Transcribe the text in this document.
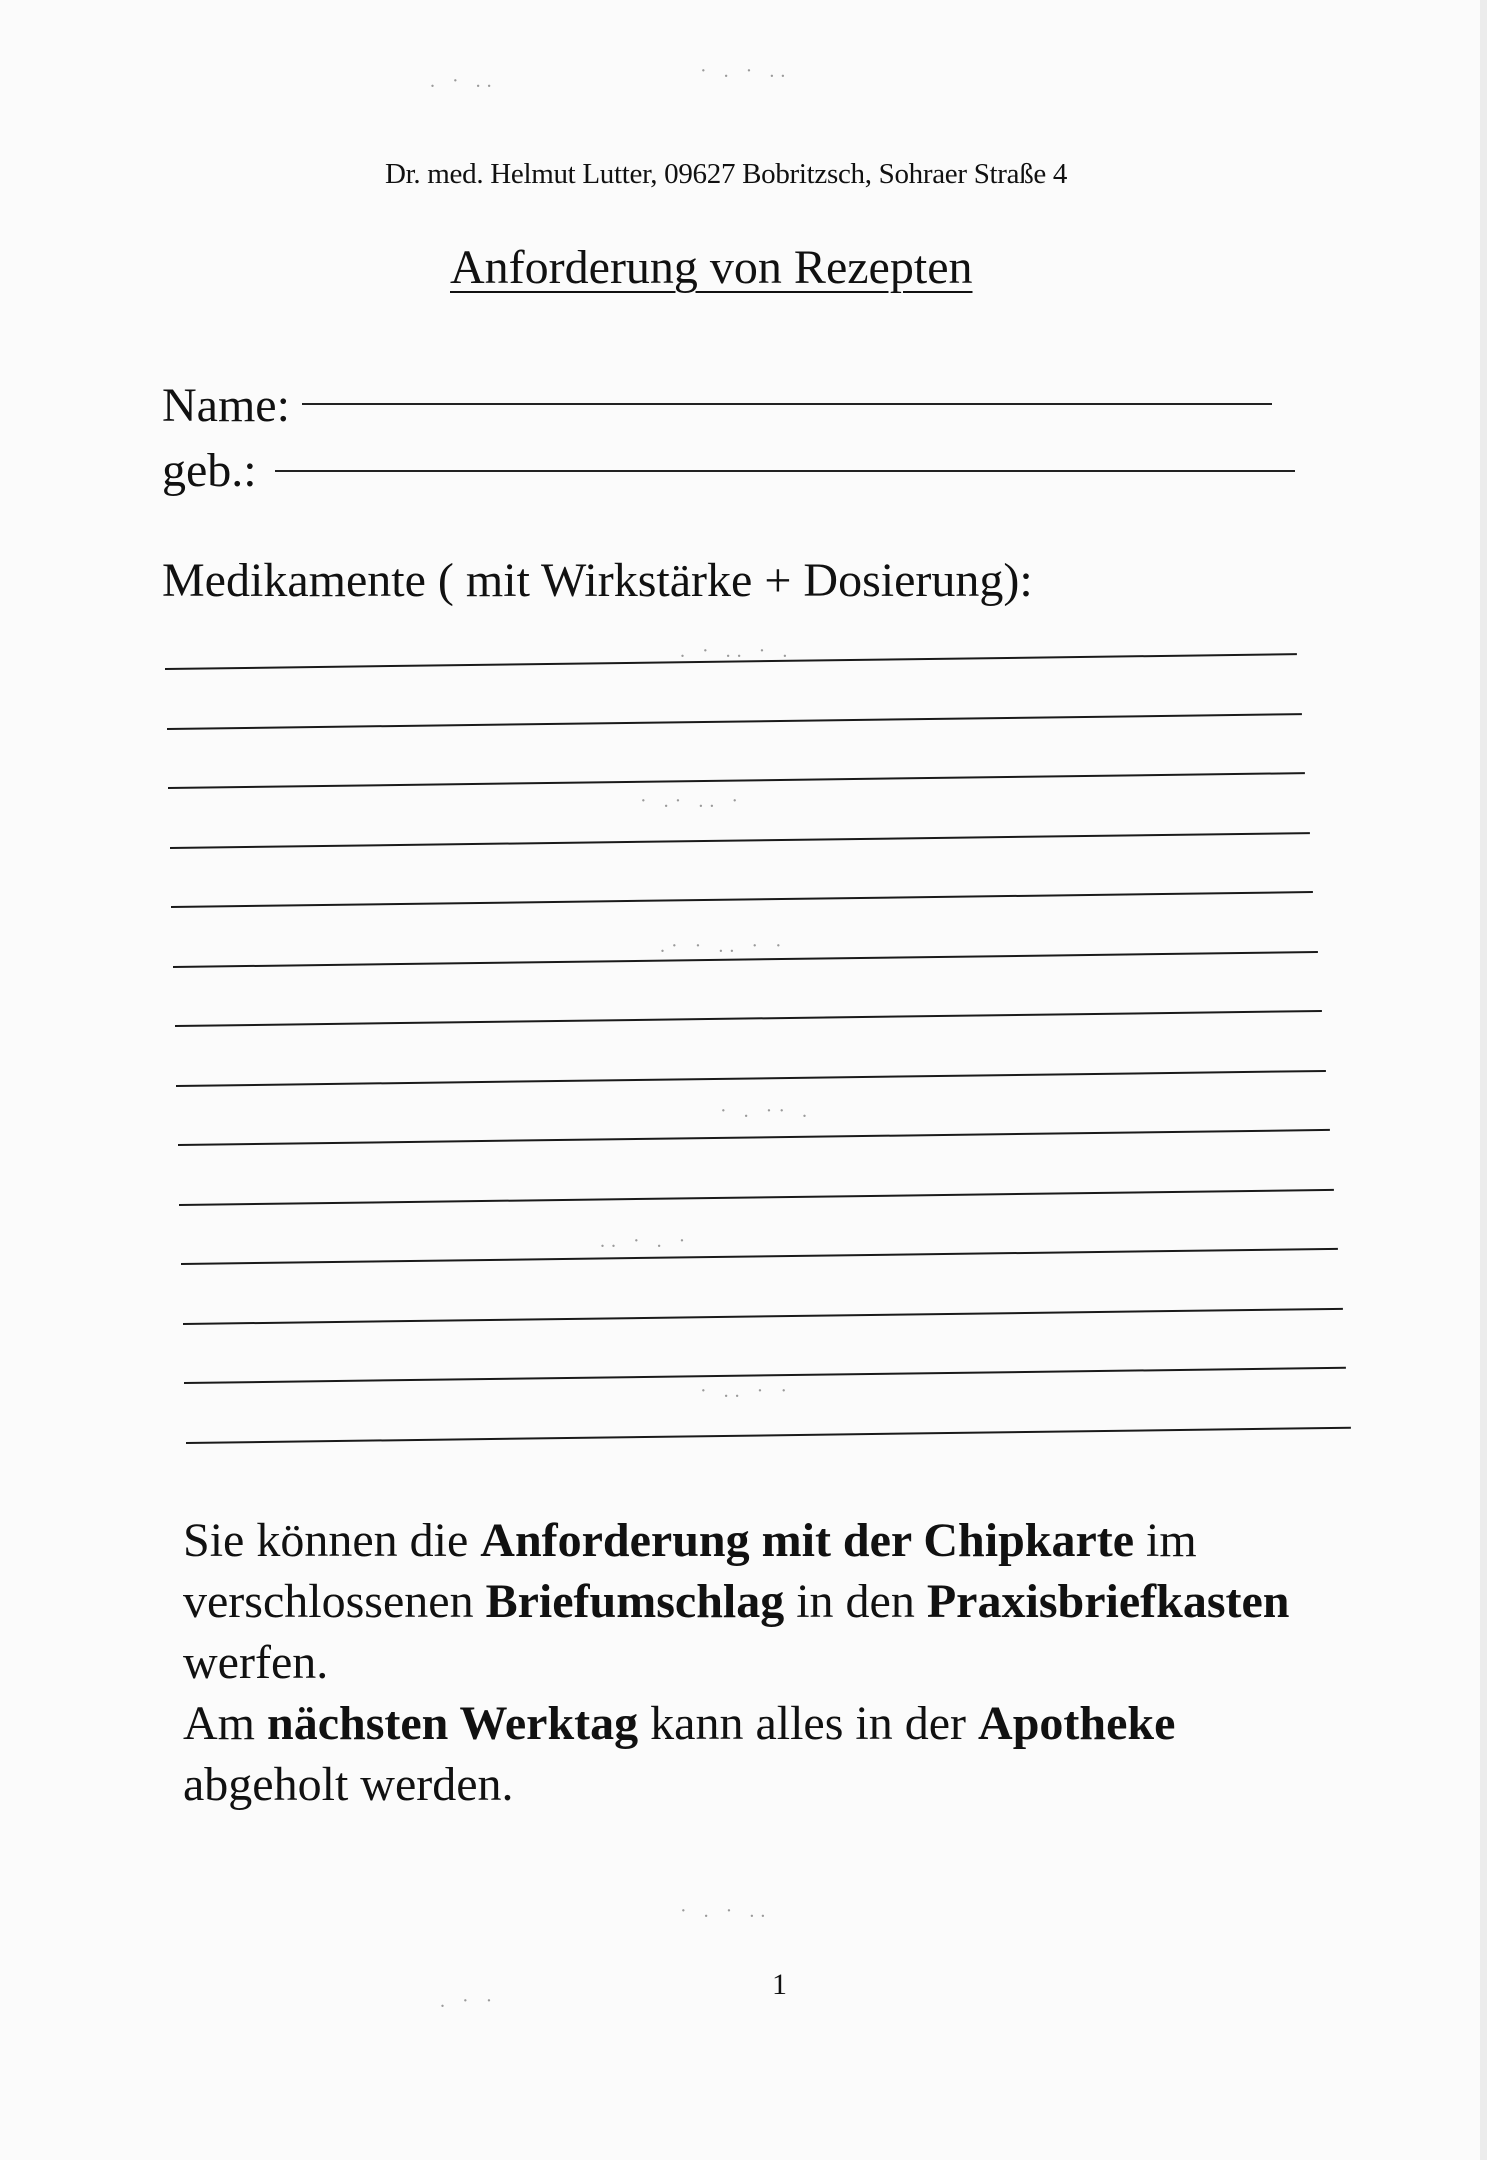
. · ..	· . · ..
. · .. · .
· .· .. ·
.· · .. · ·
· . ·· .
.. · . ·
· .. · ·
· . · ..
. · ·
Dr. med. Helmut Lutter, 09627 Bobritzsch, Sohraer Straße 4
Anforderung von Rezepten
Name:
geb.:
Medikamente ( mit Wirkstärke + Dosierung):
Sie können die Anforderung mit der Chipkarte im verschlossenen Briefumschlag in den Praxisbriefkasten werfen.
Am nächsten Werktag kann alles in der Apotheke abgeholt werden.
1
